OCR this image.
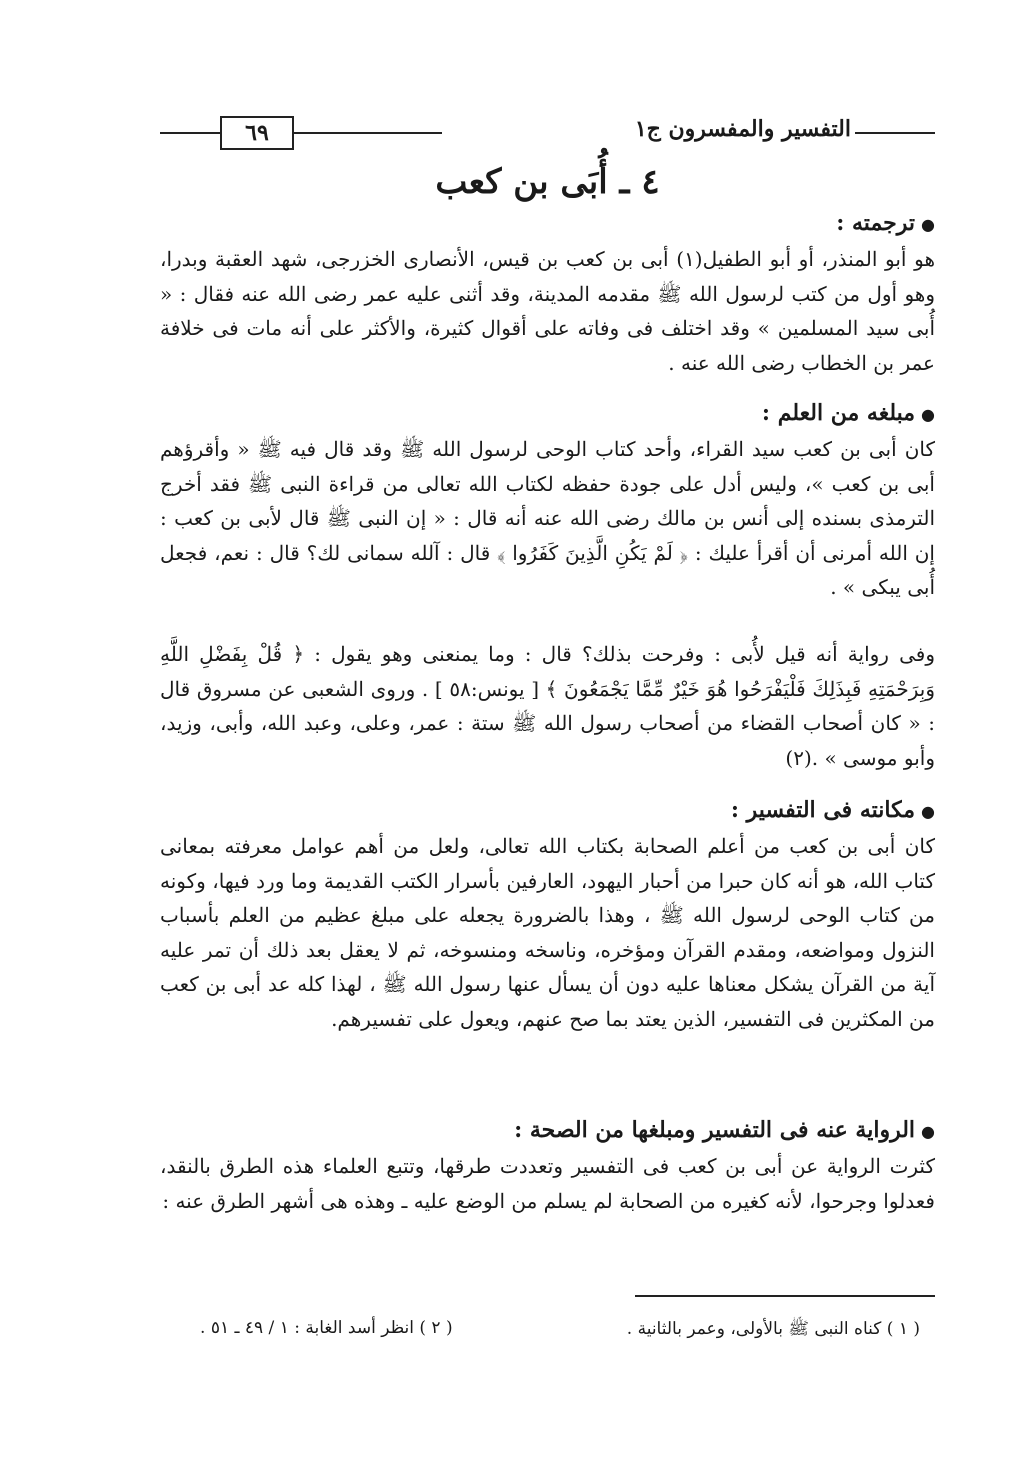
التفسير والمفسرون ج١
٦٩
٤ ـ أُبَى بن كعب
●ترجمته :
هو أبو المنذر، أو أبو الطفيل(١) أبى بن كعب بن قيس، الأنصارى الخزرجى، شهد العقبة وبدرا، وهو أول من كتب لرسول الله ﷺ مقدمه المدينة، وقد أثنى عليه عمر رضى الله عنه فقال : « أُبى سيد المسلمين » وقد اختلف فى وفاته على أقوال كثيرة، والأكثر على أنه مات فى خلافة عمر بن الخطاب رضى الله عنه .
●مبلغه من العلم :
كان أبى بن كعب سيد القراء، وأحد كتاب الوحى لرسول الله ﷺ وقد قال فيه ﷺ « وأقرؤهم أبى بن كعب »، وليس أدل على جودة حفظه لكتاب الله تعالى من قراءة النبى ﷺ فقد أخرج الترمذى بسنده إلى أنس بن مالك رضى الله عنه أنه قال : « إن النبى ﷺ قال لأبى بن كعب : إن الله أمرنى أن أقرأ عليك : ﴿ لَمْ يَكُنِ الَّذِينَ كَفَرُوا ﴾ قال : آلله سمانى لك؟ قال : نعم، فجعل أُبى يبكى » .
وفى رواية أنه قيل لأُبى : وفرحت بذلك؟ قال : وما يمنعنى وهو يقول : ﴿ قُلْ بِفَضْلِ اللَّهِ وَبِرَحْمَتِهِ فَبِذَلِكَ فَلْيَفْرَحُوا هُوَ خَيْرٌ مِّمَّا يَجْمَعُونَ ﴾ [ يونس:٥٨ ] . وروى الشعبى عن مسروق قال : « كان أصحاب القضاء من أصحاب رسول الله ﷺ ستة : عمر، وعلى، وعبد الله، وأبى، وزيد، وأبو موسى » .(٢)
●مكانته فى التفسير :
كان أبى بن كعب من أعلم الصحابة بكتاب الله تعالى، ولعل من أهم عوامل معرفته بمعانى كتاب الله، هو أنه كان حبرا من أحبار اليهود، العارفين بأسرار الكتب القديمة وما ورد فيها، وكونه من كتاب الوحى لرسول الله ﷺ ، وهذا بالضرورة يجعله على مبلغ عظيم من العلم بأسباب النزول ومواضعه، ومقدم القرآن ومؤخره، وناسخه ومنسوخه، ثم لا يعقل بعد ذلك أن تمر عليه آية من القرآن يشكل معناها عليه دون أن يسأل عنها رسول الله ﷺ ، لهذا كله عد أبى بن كعب من المكثرين فى التفسير، الذين يعتد بما صح عنهم، ويعول على تفسيرهم.
●الرواية عنه فى التفسير ومبلغها من الصحة :
كثرت الرواية عن أبى بن كعب فى التفسير وتعددت طرقها، وتتبع العلماء هذه الطرق بالنقد، فعدلوا وجرحوا، لأنه كغيره من الصحابة لم يسلم من الوضع عليه ـ وهذه هى أشهر الطرق عنه :
( ١ ) كناه النبى ﷺ بالأولى، وعمر بالثانية .
( ٢ ) انظر أسد الغابة : ١ / ٤٩ ـ ٥١ .
